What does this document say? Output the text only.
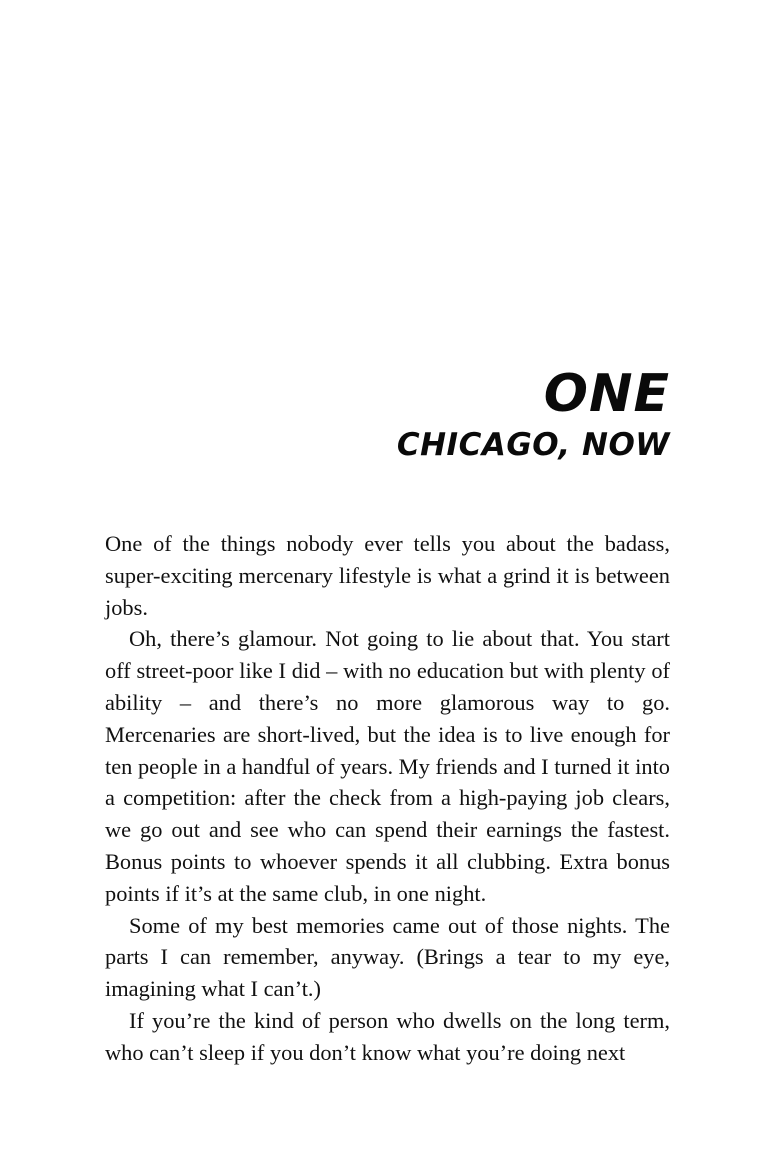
ONE
CHICAGO, NOW

One of the things nobody ever tells you about the badass, super-exciting mercenary lifestyle is what a grind it is between jobs.

Oh, there’s glamour. Not going to lie about that. You start off street-poor like I did – with no education but with plenty of ability – and there’s no more glamorous way to go. Mercenaries are short-lived, but the idea is to live enough for ten people in a handful of years. My friends and I turned it into a competition: after the check from a high-paying job clears, we go out and see who can spend their earnings the fastest. Bonus points to whoever spends it all clubbing. Extra bonus points if it’s at the same club, in one night.

Some of my best memories came out of those nights. The parts I can remember, anyway. (Brings a tear to my eye, imagining what I can’t.)

If you’re the kind of person who dwells on the long term, who can’t sleep if you don’t know what you’re doing next
